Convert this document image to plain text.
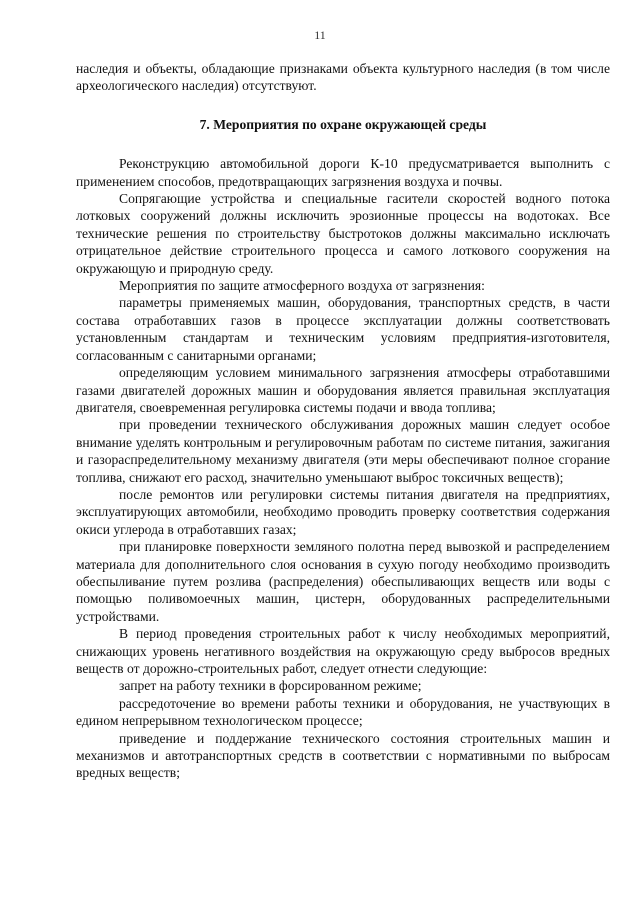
11

наследия и объекты, обладающие признаками объекта культурного наследия (в том числе археологического наследия) отсутствуют.

7. Мероприятия по охране окружающей среды

Реконструкцию автомобильной дороги К-10 предусматривается выполнить с применением способов, предотвращающих загрязнения воздуха и почвы.

Сопрягающие устройства и специальные гасители скоростей водного потока лотковых сооружений должны исключить эрозионные процессы на водотоках. Все технические решения по строительству быстротоков должны максимально исключать отрицательное действие строительного процесса и самого лоткового сооружения на окружающую и природную среду.

Мероприятия по защите атмосферного воздуха от загрязнения:

параметры применяемых машин, оборудования, транспортных средств, в части состава отработавших газов в процессе эксплуатации должны соответствовать установленным стандартам и техническим условиям предприятия-изготовителя, согласованным с санитарными органами;

определяющим условием минимального загрязнения атмосферы отработавшими газами двигателей дорожных машин и оборудования является правильная эксплуатация двигателя, своевременная регулировка системы подачи и ввода топлива;

при проведении технического обслуживания дорожных машин следует особое внимание уделять контрольным и регулировочным работам по системе питания, зажигания и газораспределительному механизму двигателя (эти меры обеспечивают полное сгорание топлива, снижают его расход, значительно уменьшают выброс токсичных веществ);

после ремонтов или регулировки системы питания двигателя на предприятиях, эксплуатирующих автомобили, необходимо проводить проверку соответствия содержания окиси углерода в отработавших газах;

при планировке поверхности земляного полотна перед вывозкой и распределением материала для дополнительного слоя основания в сухую погоду необходимо производить обеспыливание путем розлива (распределения) обеспыливающих веществ или воды с помощью поливомоечных машин, цистерн, оборудованных распределительными устройствами.

В период проведения строительных работ к числу необходимых мероприятий, снижающих уровень негативного воздействия на окружающую среду выбросов вредных веществ от дорожно-строительных работ, следует отнести следующие:

запрет на работу техники в форсированном режиме;

рассредоточение во времени работы техники и оборудования, не участвующих в едином непрерывном технологическом процессе;

приведение и поддержание технического состояния строительных машин и механизмов и автотранспортных средств в соответствии с нормативными по выбросам вредных веществ;
